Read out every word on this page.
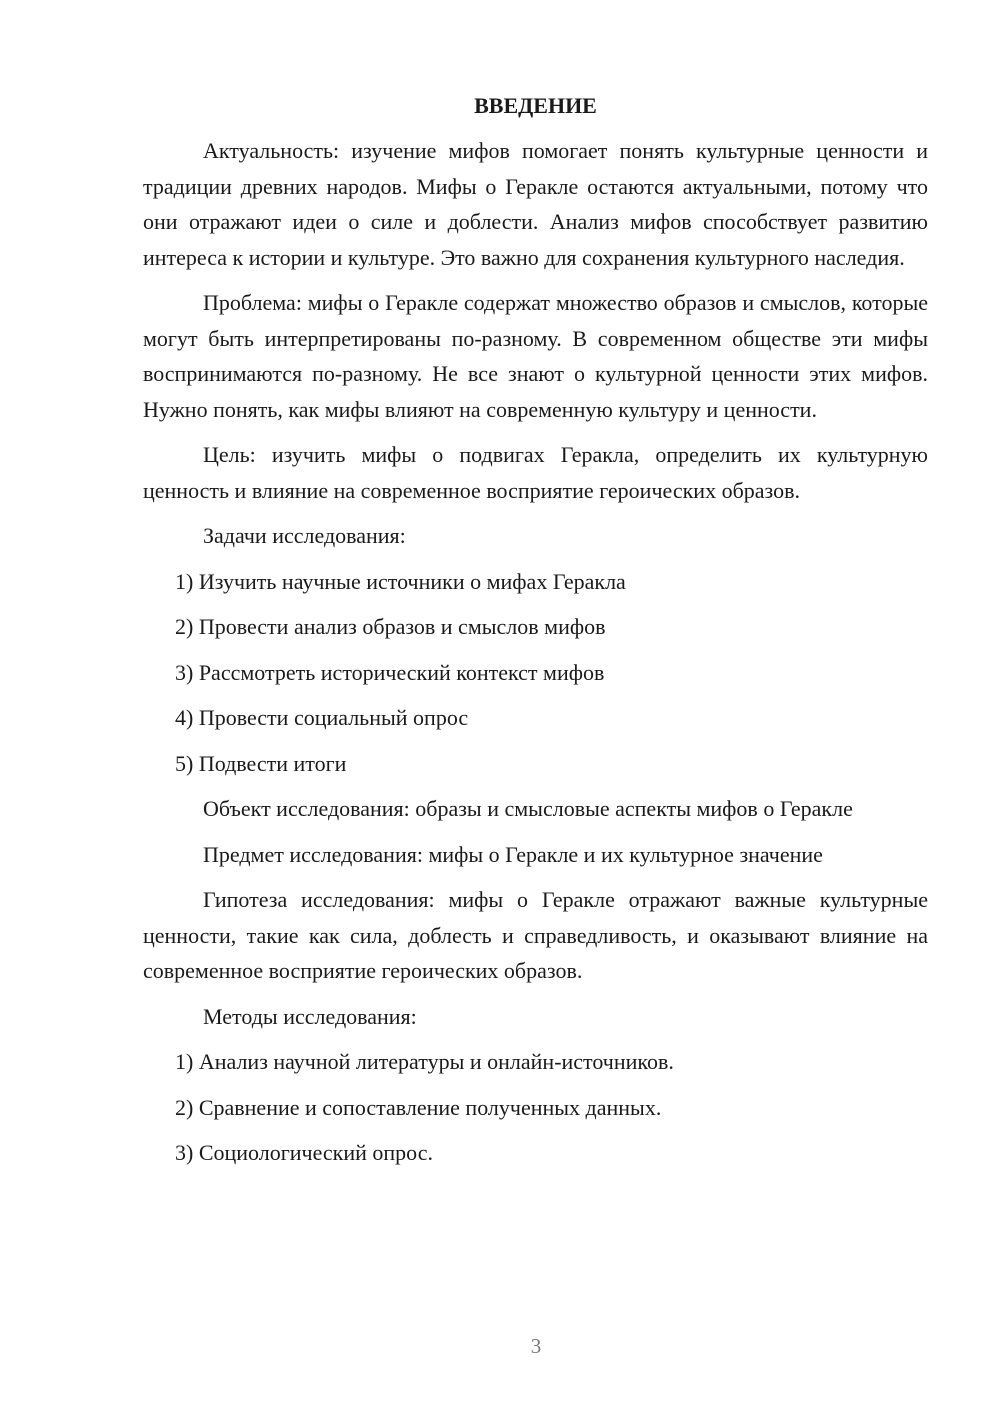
ВВЕДЕНИЕ

Актуальность: изучение мифов помогает понять культурные ценности и традиции древних народов. Мифы о Геракле остаются актуальными, потому что они отражают идеи о силе и доблести. Анализ мифов способствует развитию интереса к истории и культуре. Это важно для сохранения культурного наследия.

Проблема: мифы о Геракле содержат множество образов и смыслов, которые могут быть интерпретированы по-разному. В современном обществе эти мифы воспринимаются по-разному. Не все знают о культурной ценности этих мифов. Нужно понять, как мифы влияют на современную культуру и ценности.

Цель: изучить мифы о подвигах Геракла, определить их культурную ценность и влияние на современное восприятие героических образов.

Задачи исследования:
1) Изучить научные источники о мифах Геракла
2) Провести анализ образов и смыслов мифов
3) Рассмотреть исторический контекст мифов
4) Провести социальный опрос
5) Подвести итоги

Объект исследования: образы и смысловые аспекты мифов о Геракле

Предмет исследования: мифы о Геракле и их культурное значение

Гипотеза исследования: мифы о Геракле отражают важные культурные ценности, такие как сила, доблесть и справедливость, и оказывают влияние на современное восприятие героических образов.

Методы исследования:
1) Анализ научной литературы и онлайн-источников.
2) Сравнение и сопоставление полученных данных.
3) Социологический опрос.
3
